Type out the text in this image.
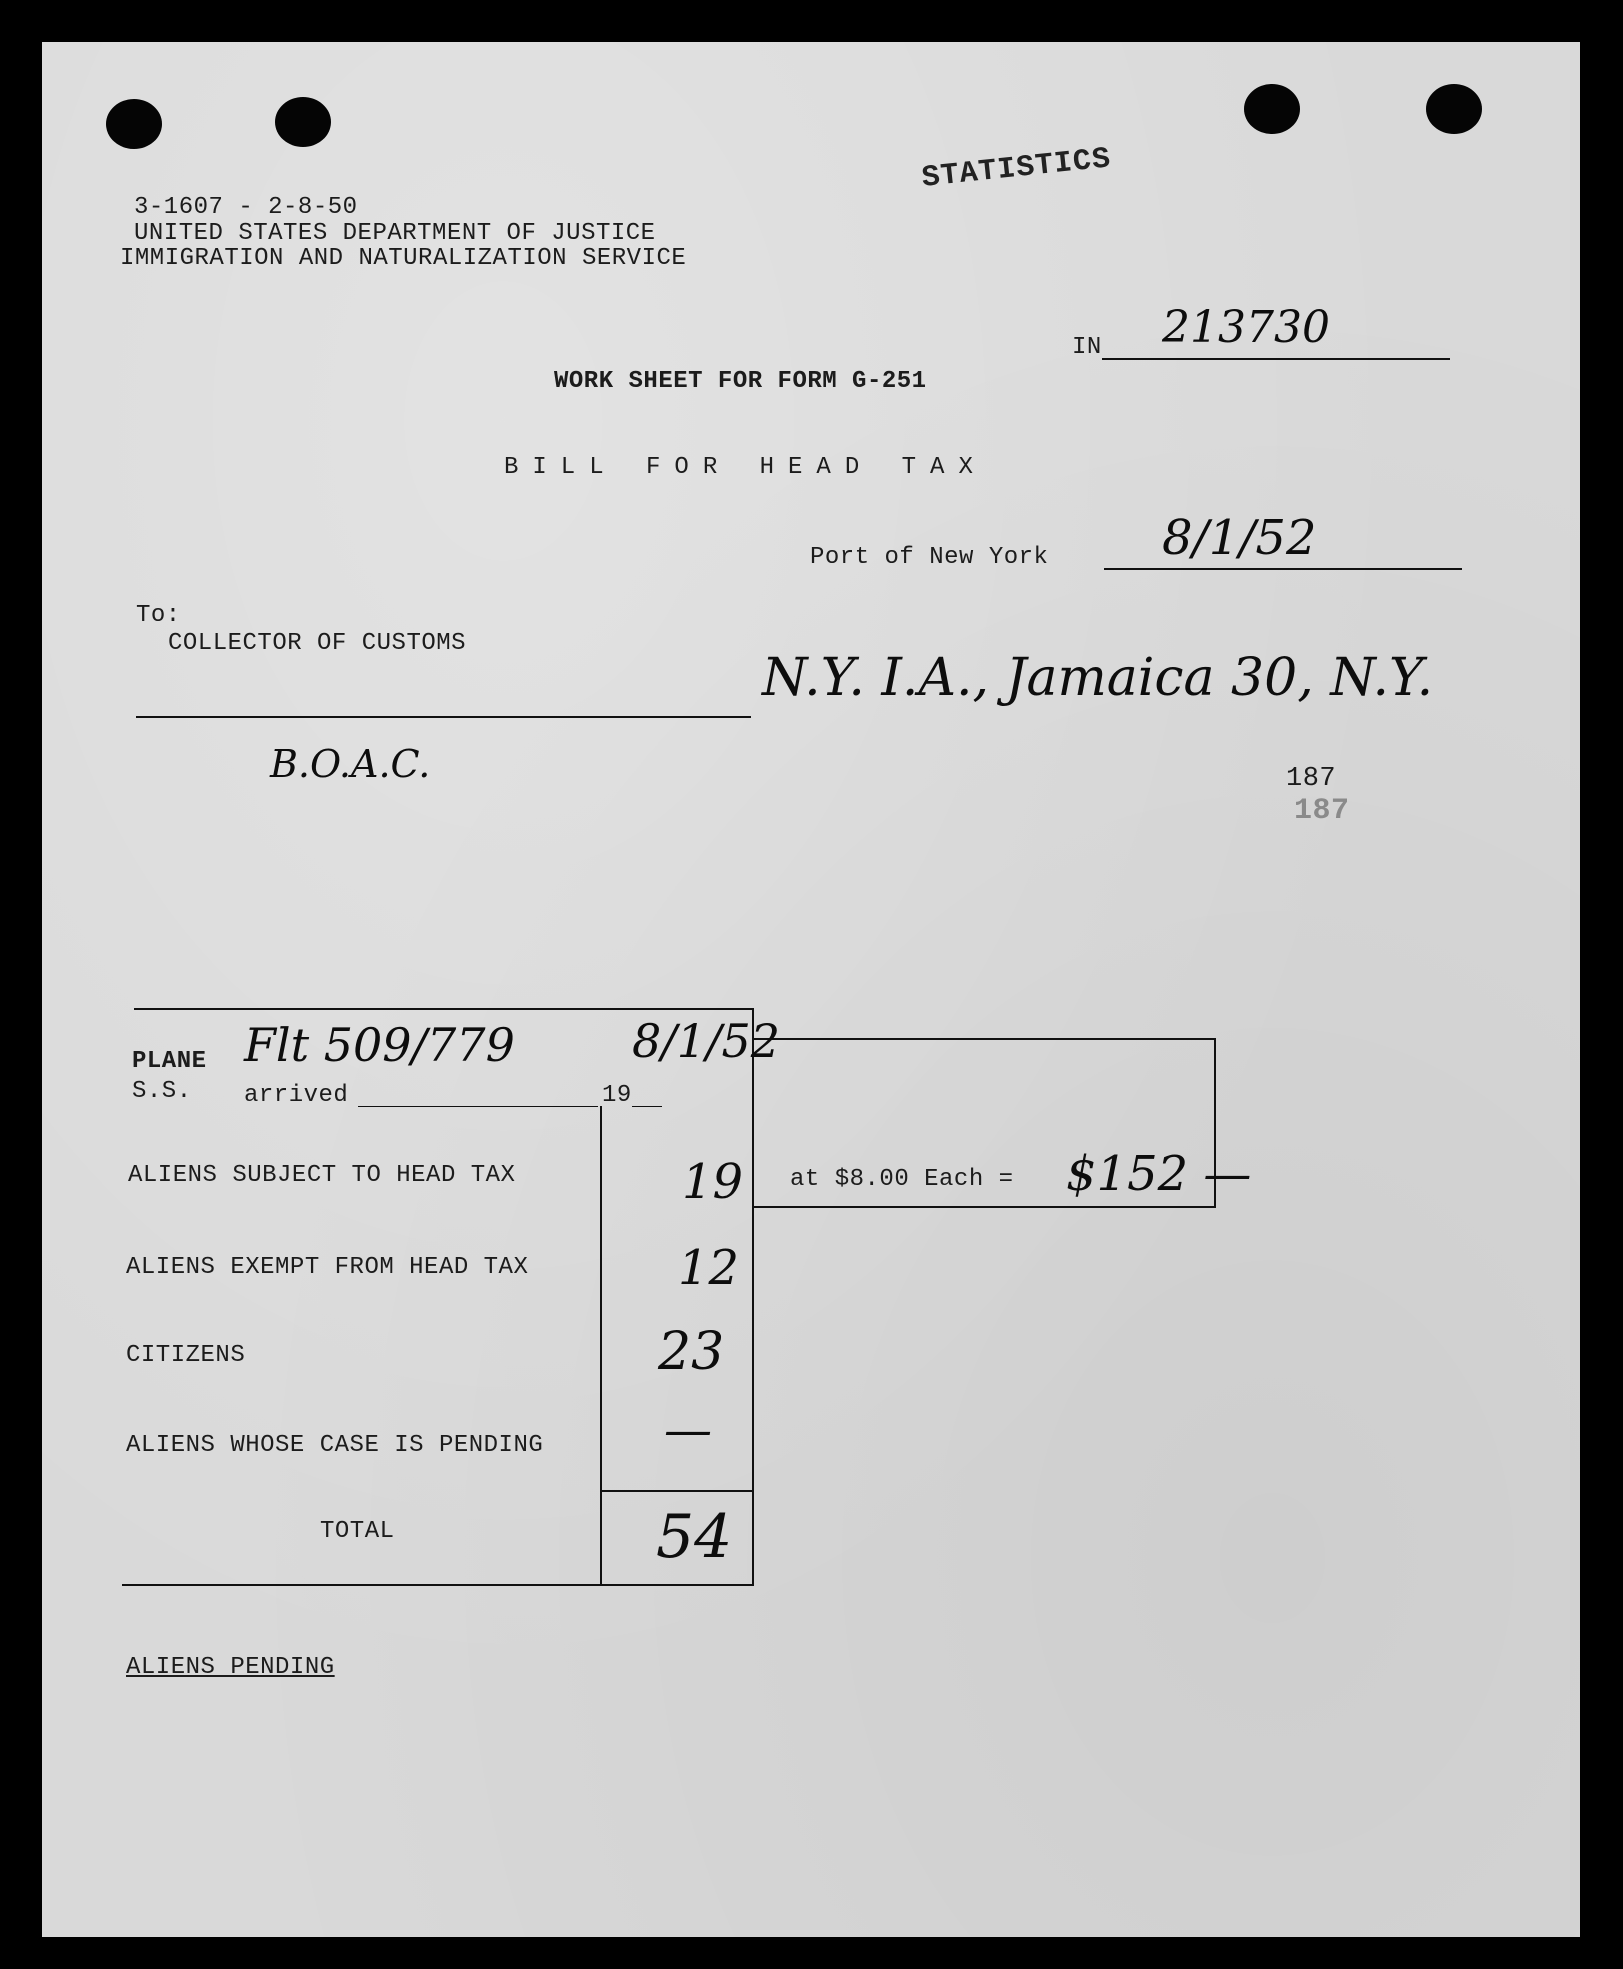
STATISTICS
3-1607 - 2-8-50
UNITED STATES DEPARTMENT OF JUSTICE
IMMIGRATION AND NATURALIZATION SERVICE
IN 213730
WORK SHEET FOR FORM G-251
BILL FOR HEAD TAX
Port of New York 8/1/52
To:
COLLECTOR OF CUSTOMS
N.Y. I.A., Jamaica 30, N.Y.
B.O.A.C.	187
187
PLANE Flt 509/779	8/1/52
S.S. arrived	19
ALIENS SUBJECT TO HEAD TAX	19
ALIENS EXEMPT FROM HEAD TAX	12
CITIZENS	23
ALIENS WHOSE CASE IS PENDING	—
TOTAL	54
at $8.00 Each = $152 —
ALIENS PENDING
